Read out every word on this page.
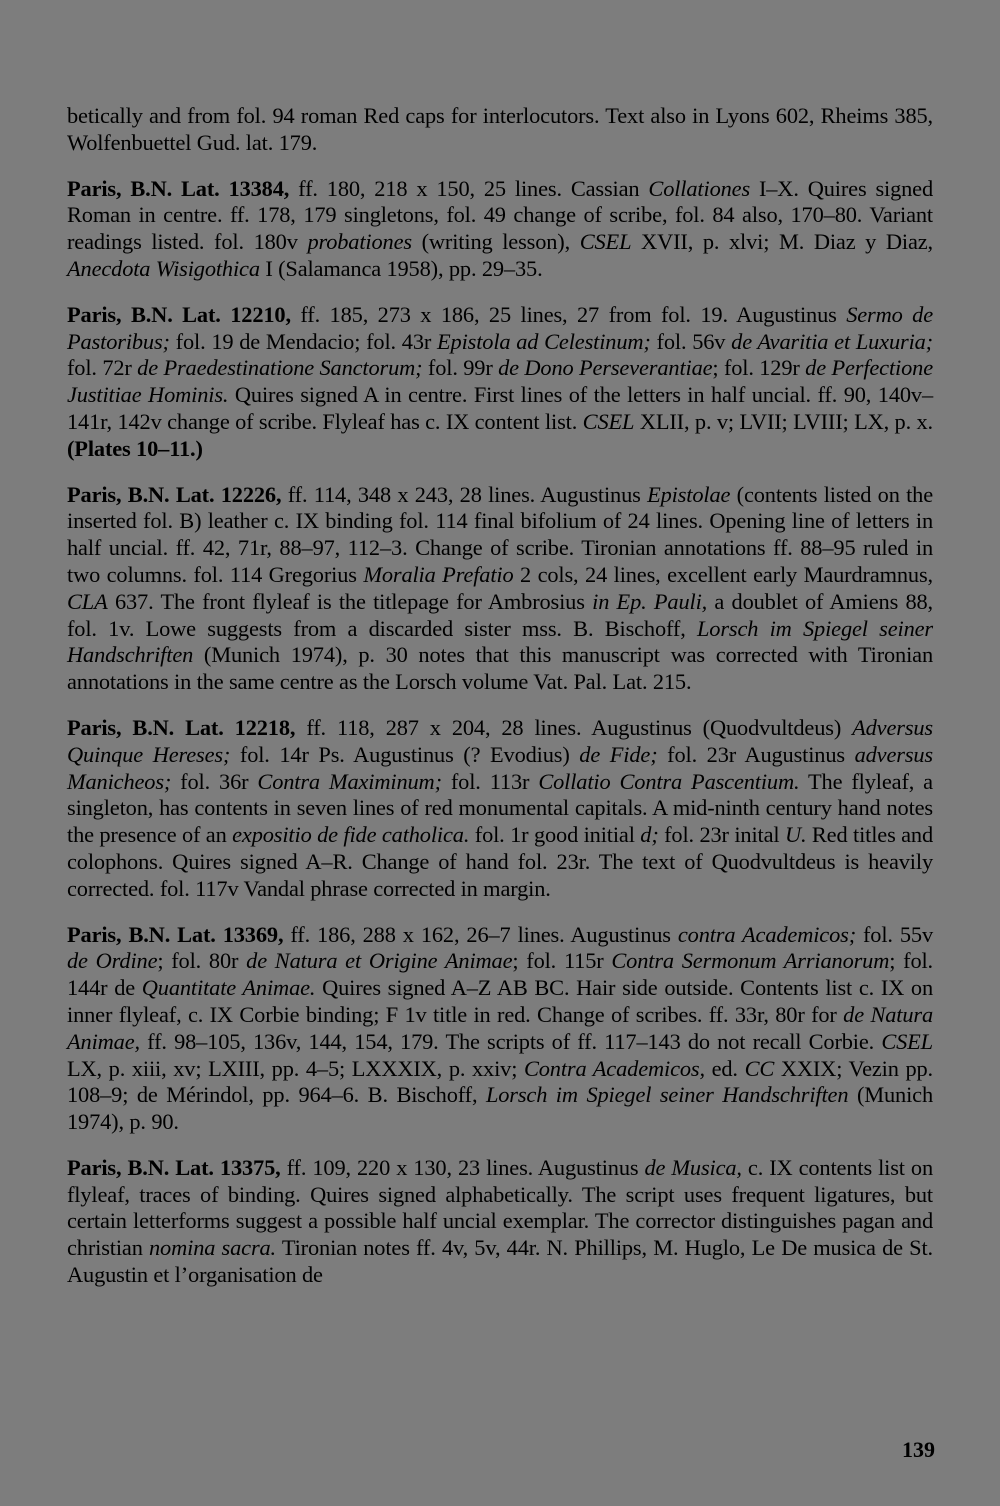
betically and from fol. 94 roman Red caps for interlocutors. Text also in Lyons 602, Rheims 385, Wolfenbuettel Gud. lat. 179.

Paris, B.N. Lat. 13384, ff. 180, 218 x 150, 25 lines. Cassian Collationes I–X. Quires signed Roman in centre. ff. 178, 179 singletons, fol. 49 change of scribe, fol. 84 also, 170–80. Variant readings listed. fol. 180v probationes (writing lesson), CSEL XVII, p. xlvi; M. Diaz y Diaz, Anecdota Wisigothica I (Salamanca 1958), pp. 29–35.

Paris, B.N. Lat. 12210, ff. 185, 273 x 186, 25 lines, 27 from fol. 19. Augustinus Sermo de Pastoribus; fol. 19 de Mendacio; fol. 43r Epistola ad Celestinum; fol. 56v de Avaritia et Luxuria; fol. 72r de Praedestinatione Sanctorum; fol. 99r de Dono Perseverantiae; fol. 129r de Perfectione Justitiae Hominis. Quires signed A in centre. First lines of the letters in half uncial. ff. 90, 140v–141r, 142v change of scribe. Flyleaf has c. IX content list. CSEL XLII, p. v; LVII; LVIII; LX, p. x. (Plates 10–11.)

Paris, B.N. Lat. 12226, ff. 114, 348 x 243, 28 lines. Augustinus Epistolae (contents listed on the inserted fol. B) leather c. IX binding fol. 114 final bifolium of 24 lines. Opening line of letters in half uncial. ff. 42, 71r, 88–97, 112–3. Change of scribe. Tironian annotations ff. 88–95 ruled in two columns. fol. 114 Gregorius Moralia Prefatio 2 cols, 24 lines, excellent early Maurdramnus, CLA 637. The front flyleaf is the titlepage for Ambrosius in Ep. Pauli, a doublet of Amiens 88, fol. 1v. Lowe suggests from a discarded sister mss. B. Bischoff, Lorsch im Spiegel seiner Handschriften (Munich 1974), p. 30 notes that this manuscript was corrected with Tironian annotations in the same centre as the Lorsch volume Vat. Pal. Lat. 215.

Paris, B.N. Lat. 12218, ff. 118, 287 x 204, 28 lines. Augustinus (Quodvultdeus) Adversus Quinque Hereses; fol. 14r Ps. Augustinus (? Evodius) de Fide; fol. 23r Augustinus adversus Manicheos; fol. 36r Contra Maximinum; fol. 113r Collatio Contra Pascentium. The flyleaf, a singleton, has contents in seven lines of red monumental capitals. A mid-ninth century hand notes the presence of an expositio de fide catholica. fol. 1r good initial d; fol. 23r inital U. Red titles and colophons. Quires signed A–R. Change of hand fol. 23r. The text of Quodvultdeus is heavily corrected. fol. 117v Vandal phrase corrected in margin.

Paris, B.N. Lat. 13369, ff. 186, 288 x 162, 26–7 lines. Augustinus contra Academicos; fol. 55v de Ordine; fol. 80r de Natura et Origine Animae; fol. 115r Contra Sermonum Arrianorum; fol. 144r de Quantitate Animae. Quires signed A–Z AB BC. Hair side outside. Contents list c. IX on inner flyleaf, c. IX Corbie binding; F 1v title in red. Change of scribes. ff. 33r, 80r for de Natura Animae, ff. 98–105, 136v, 144, 154, 179. The scripts of ff. 117–143 do not recall Corbie. CSEL LX, p. xiii, xv; LXIII, pp. 4–5; LXXXIX, p. xxiv; Contra Academicos, ed. CC XXIX; Vezin pp. 108–9; de Mérindol, pp. 964–6. B. Bischoff, Lorsch im Spiegel seiner Handschriften (Munich 1974), p. 90.

Paris, B.N. Lat. 13375, ff. 109, 220 x 130, 23 lines. Augustinus de Musica, c. IX contents list on flyleaf, traces of binding. Quires signed alphabetically. The script uses frequent ligatures, but certain letterforms suggest a possible half uncial exemplar. The corrector distinguishes pagan and christian nomina sacra. Tironian notes ff. 4v, 5v, 44r. N. Phillips, M. Huglo, Le De musica de St. Augustin et l’organisation de

139
